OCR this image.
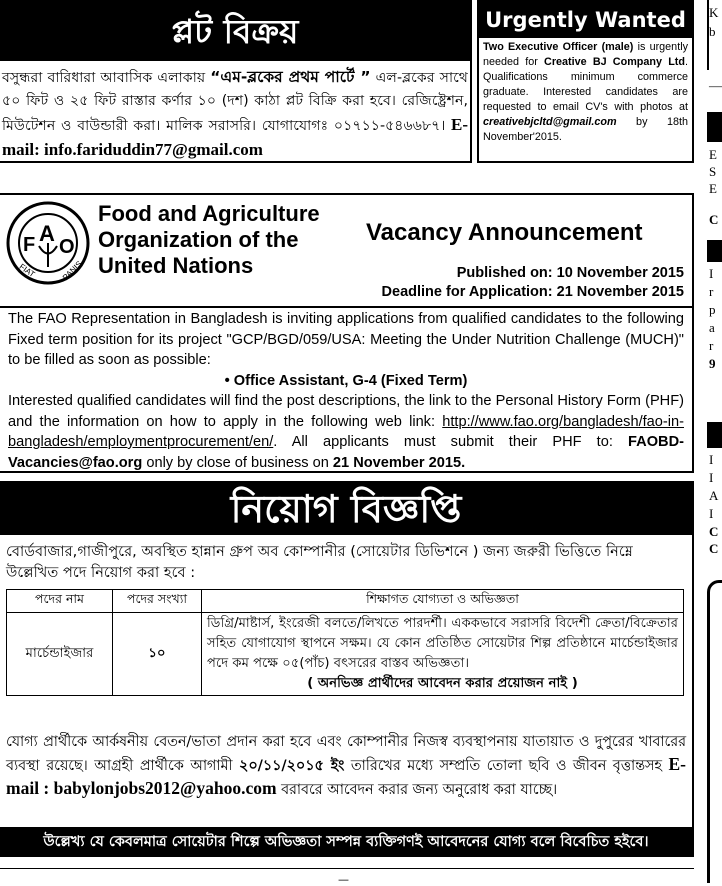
প্লট বিক্রয়
বসুন্ধরা বারিধারা আবাসিক এলাকায় “এম-ব্লকের প্রথম পার্টে ” এল-ব্লকের সাথে ৫০ ফিট ও ২৫ ফিট রাস্তার কর্ণার ১০ (দশ) কাঠা প্লট বিক্রি করা হবে। রেজিষ্ট্রেশন, মিউটেশন ও বাউন্ডারী করা। মালিক সরাসরি। যোগাযোগঃ ০১৭১১-৫৪৬৬৮৭। E-mail: info.fariduddin77@gmail.com
Urgently Wanted
Two Executive Officer (male) is urgently needed for Creative BJ Company Ltd. Qualifications minimum commerce graduate. Interested candidates are requested to email CV's with photos at creativebjcltd@gmail.com by 18th November'2015.
F A
O
FIAT	PANIS
Food and Agriculture Organization of the United Nations
Vacancy Announcement
Published on: 10 November 2015
Deadline for Application: 21 November 2015
The FAO Representation in Bangladesh is inviting applications from qualified candidates to the following Fixed term position for its project "GCP/BGD/059/USA: Meeting the Under Nutrition Challenge (MUCH)" to be filled as soon as possible:
• Office Assistant, G-4 (Fixed Term)
Interested qualified candidates will find the post descriptions, the link to the Personal History Form (PHF) and the information on how to apply in the following web link: http://www.fao.org/bangladesh/fao-in-bangladesh/employmentprocurement/en/. All applicants must submit their PHF to: FAOBD-Vacancies@fao.org only by close of business on 21 November 2015.
নিয়োগ বিজ্ঞপ্তি
বোর্ডবাজার,গাজীপুরে, অবস্থিত হান্নান গ্রুপ অব কোম্পানীর (সোয়েটার ডিভিশনে ) জন্য জরুরী ভিত্তিতে নিম্নে উল্লেখিত পদে নিয়োগ করা হবে :
পদের নাম	পদের সংখ্যা	শিক্ষাগত যোগ্যতা ও অভিজ্ঞতা
মার্চেন্ডাইজার	১০	ডিগ্রি/মাষ্টার্স, ইংরেজী বলতে/লিখতে পারদর্শী। এককভাবে সরাসরি বিদেশী ক্রেতা/বিক্রেতার সহিত যোগাযোগ স্থাপনে সক্ষম। যে কোন প্রতিষ্ঠিত সোয়েটার শিল্প প্রতিষ্ঠানে মার্চেন্ডাইজার পদে কম পক্ষে ০৫(পাঁচ) বৎসরের বাস্তব অভিজ্ঞতা।
( অনভিজ্ঞ প্রার্থীদের আবেদন করার প্রয়োজন নাই )
যোগ্য প্রার্থীকে আর্কষনীয় বেতন/ভাতা প্রদান করা হবে এবং কোম্পানীর নিজস্ব ব্যবস্থাপনায় যাতায়াত ও দুপুরের খাবারের ব্যবস্থা রয়েছে। আগ্রহী প্রার্থীকে আগামী ২০/১১/২০১৫ ইং তারিখের মধ্যে সম্প্রতি তোলা ছবি ও জীবন বৃত্তান্তসহ E-mail : babylonjobs2012@yahoo.com বরাবরে আবেদন করার জন্য অনুরোধ করা যাচ্ছে।
উল্লেখ্য যে কেবলমাত্র সোয়েটার শিল্পে অভিজ্ঞতা সম্পন্ন ব্যক্তিগণই আবেদনের যোগ্য বলে বিবেচিত হইবে।
K
b
—
E
S
E
C
I
r
p
a
r
9
I
I
A
I
C
C
—
